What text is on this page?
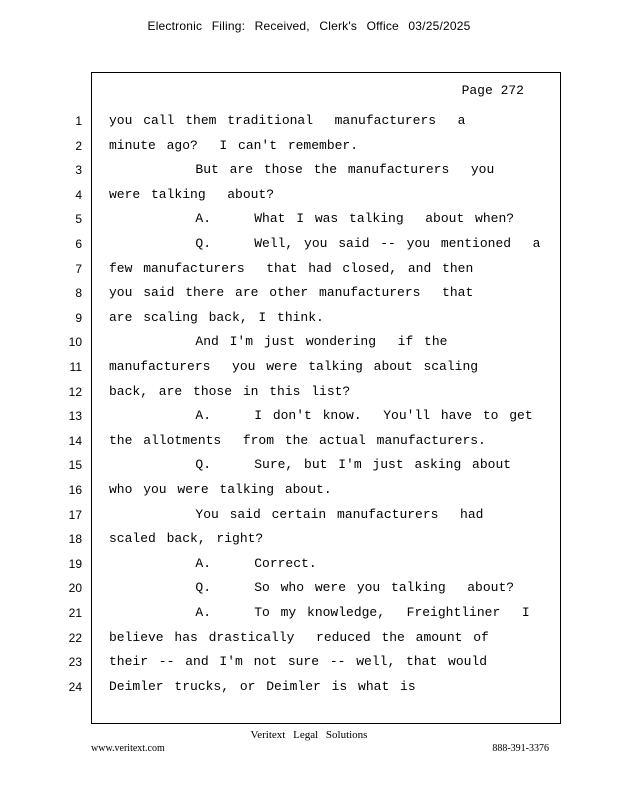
Electronic Filing: Received, Clerk's Office 03/25/2025
Page 272
1 you call them traditional  manufacturers  a
2 minute ago?  I can't remember.
3 But are those the manufacturers  you
4 were talking  about?
5 A.    What I was talking  about when?
6 Q.    Well, you said -- you mentioned  a
7 few manufacturers  that had closed, and then
8 you said there are other manufacturers  that
9 are scaling back, I think.
10 And I'm just wondering  if the
11 manufacturers  you were talking about scaling
12 back, are those in this list?
13 A.    I don't know.  You'll have to get
14 the allotments  from the actual manufacturers.
15 Q.    Sure, but I'm just asking about
16 who you were talking about.
17 You said certain manufacturers  had
18 scaled back, right?
19 A.    Correct.
20 Q.    So who were you talking  about?
21 A.    To my knowledge,  Freightliner  I
22 believe has drastically  reduced the amount of
23 their -- and I'm not sure -- well, that would
24 Deimler trucks, or Deimler is what is
Veritext Legal Solutions
www.veritext.com	888-391-3376
